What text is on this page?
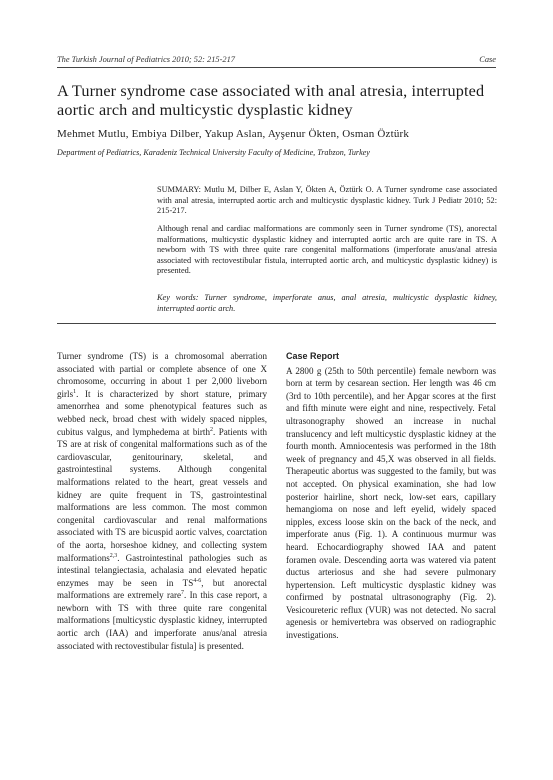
The Turkish Journal of Pediatrics 2010; 52: 215-217	Case
A Turner syndrome case associated with anal atresia, interrupted aortic arch and multicystic dysplastic kidney
Mehmet Mutlu, Embiya Dilber, Yakup Aslan, Ayşenur Ökten, Osman Öztürk
Department of Pediatrics, Karadeniz Technical University Faculty of Medicine, Trabzon, Turkey
SUMMARY: Mutlu M, Dilber E, Aslan Y, Ökten A, Öztürk O. A Turner syndrome case associated with anal atresia, interrupted aortic arch and multicystic dysplastic kidney. Turk J Pediatr 2010; 52: 215-217.
Although renal and cardiac malformations are commonly seen in Turner syndrome (TS), anorectal malformations, multicystic dysplastic kidney and interrupted aortic arch are quite rare in TS. A newborn with TS with three quite rare congenital malformations (imperforate anus/anal atresia associated with rectovestibular fistula, interrupted aortic arch, and multicystic dysplastic kidney) is presented.
Key words: Turner syndrome, imperforate anus, anal atresia, multicystic dysplastic kidney, interrupted aortic arch.

Turner syndrome (TS) is a chromosomal aberration associated with partial or complete absence of one X chromosome, occurring in about 1 per 2,000 liveborn girls$^1$. It is characterized by short stature, primary amenorrhea and some phenotypical features such as webbed neck, broad chest with widely spaced nipples, cubitus valgus, and lymphedema at birth$^2$. Patients with TS are at risk of congenital malformations such as of the cardiovascular, genitourinary, skeletal, and gastrointestinal systems. Although congenital malformations related to the heart, great vessels and kidney are quite frequent in TS, gastrointestinal malformations are less common. The most common congenital cardiovascular and renal malformations associated with TS are bicuspid aortic valves, coarctation of the aorta, horseshoe kidney, and collecting system malformations$^{2,3}$. Gastrointestinal pathologies such as intestinal telangiectasia, achalasia and elevated hepatic enzymes may be seen in TS$^{4-6}$, but anorectal malformations are extremely rare$^7$. In this case report, a newborn with TS with three quite rare congenital malformations [multicystic dysplastic kidney, interrupted aortic arch (IAA) and imperforate anus/anal atresia associated with rectovestibular fistula] is presented.

Case Report

A 2800 g (25th to 50th percentile) female newborn was born at term by cesarean section. Her length was 46 cm (3rd to 10th percentile), and her Apgar scores at the first and fifth minute were eight and nine, respectively. Fetal ultrasonography showed an increase in nuchal translucency and left multicystic dysplastic kidney at the fourth month. Amniocentesis was performed in the 18th week of pregnancy and 45,X was observed in all fields. Therapeutic abortus was suggested to the family, but was not accepted. On physical examination, she had low posterior hairline, short neck, low-set ears, capillary hemangioma on nose and left eyelid, widely spaced nipples, excess loose skin on the back of the neck, and imperforate anus (Fig. 1). A continuous murmur was heard. Echocardiography showed IAA and patent foramen ovale. Descending aorta was watered via patent ductus arteriosus and she had severe pulmonary hypertension. Left multicystic dysplastic kidney was confirmed by postnatal ultrasonography (Fig. 2). Vesicoureteric reflux (VUR) was not detected. No sacral agenesis or hemivertebra was observed on radiographic investigations.
